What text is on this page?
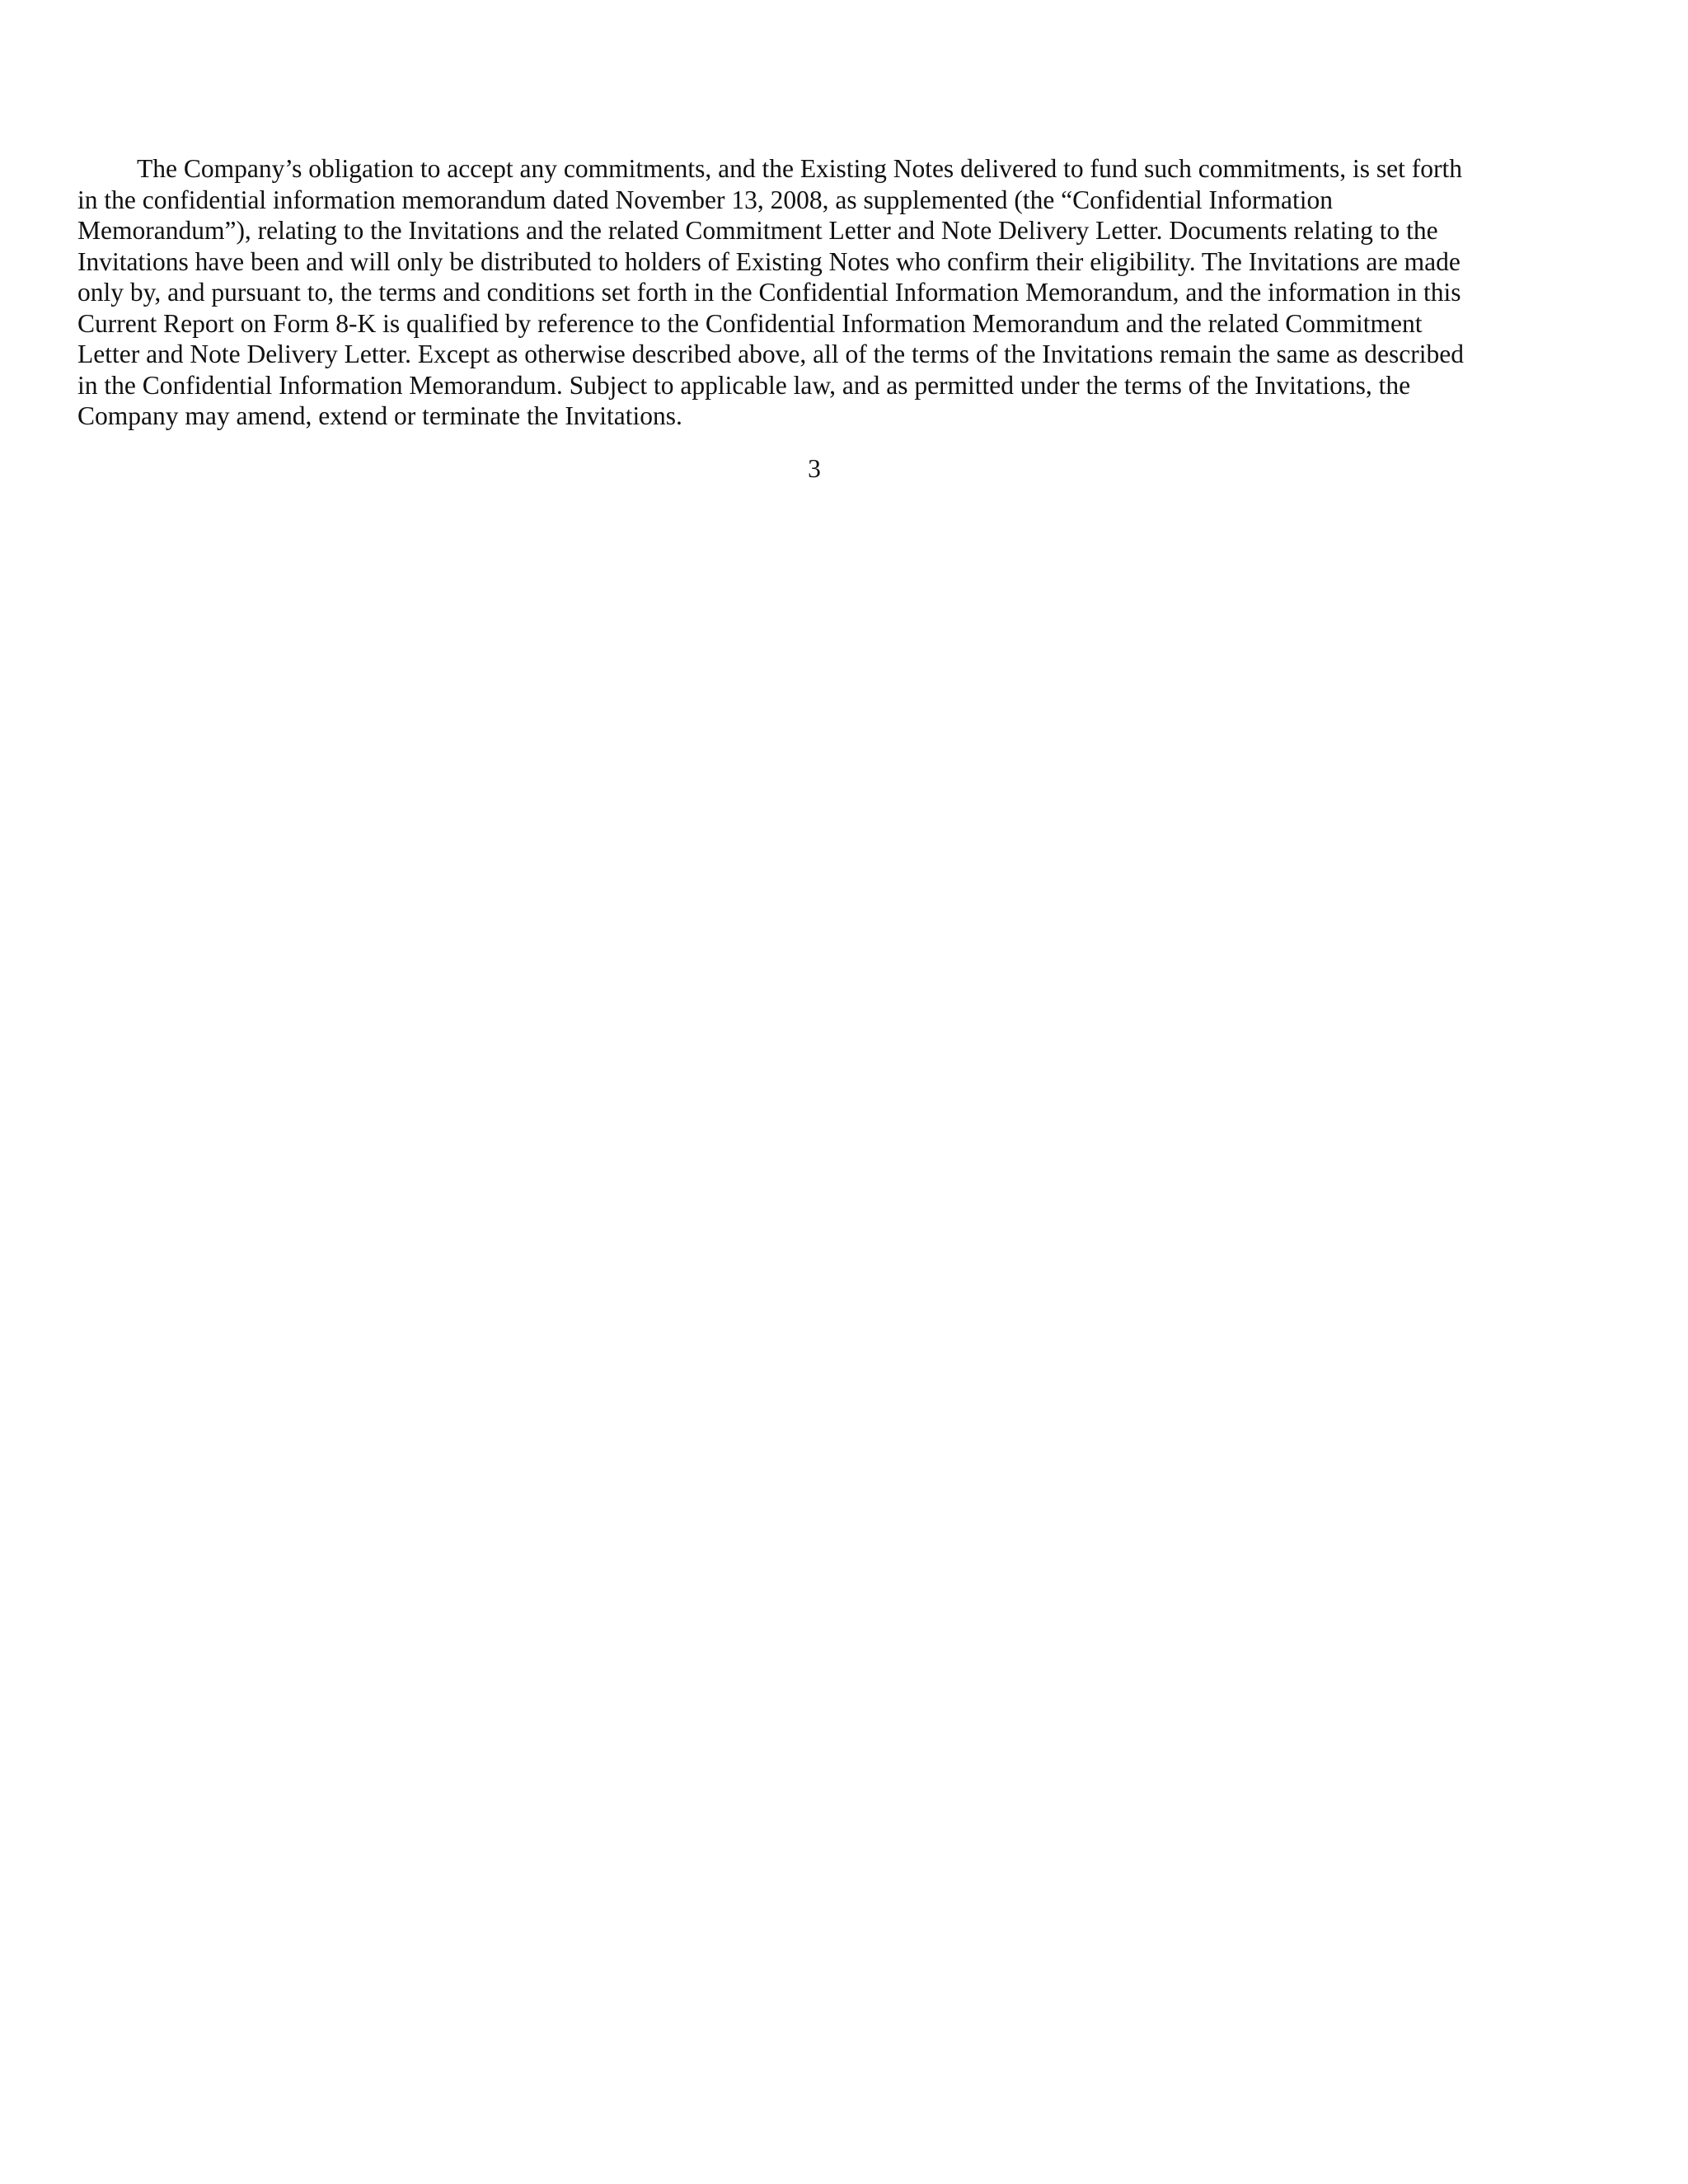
The Company’s obligation to accept any commitments, and the Existing Notes delivered to fund such commitments, is set forth
in the confidential information memorandum dated November 13, 2008, as supplemented (the “Confidential Information
Memorandum”), relating to the Invitations and the related Commitment Letter and Note Delivery Letter. Documents relating to the
Invitations have been and will only be distributed to holders of Existing Notes who confirm their eligibility. The Invitations are made
only by, and pursuant to, the terms and conditions set forth in the Confidential Information Memorandum, and the information in this
Current Report on Form 8-K is qualified by reference to the Confidential Information Memorandum and the related Commitment
Letter and Note Delivery Letter. Except as otherwise described above, all of the terms of the Invitations remain the same as described
in the Confidential Information Memorandum. Subject to applicable law, and as permitted under the terms of the Invitations, the
Company may amend, extend or terminate the Invitations.
3
